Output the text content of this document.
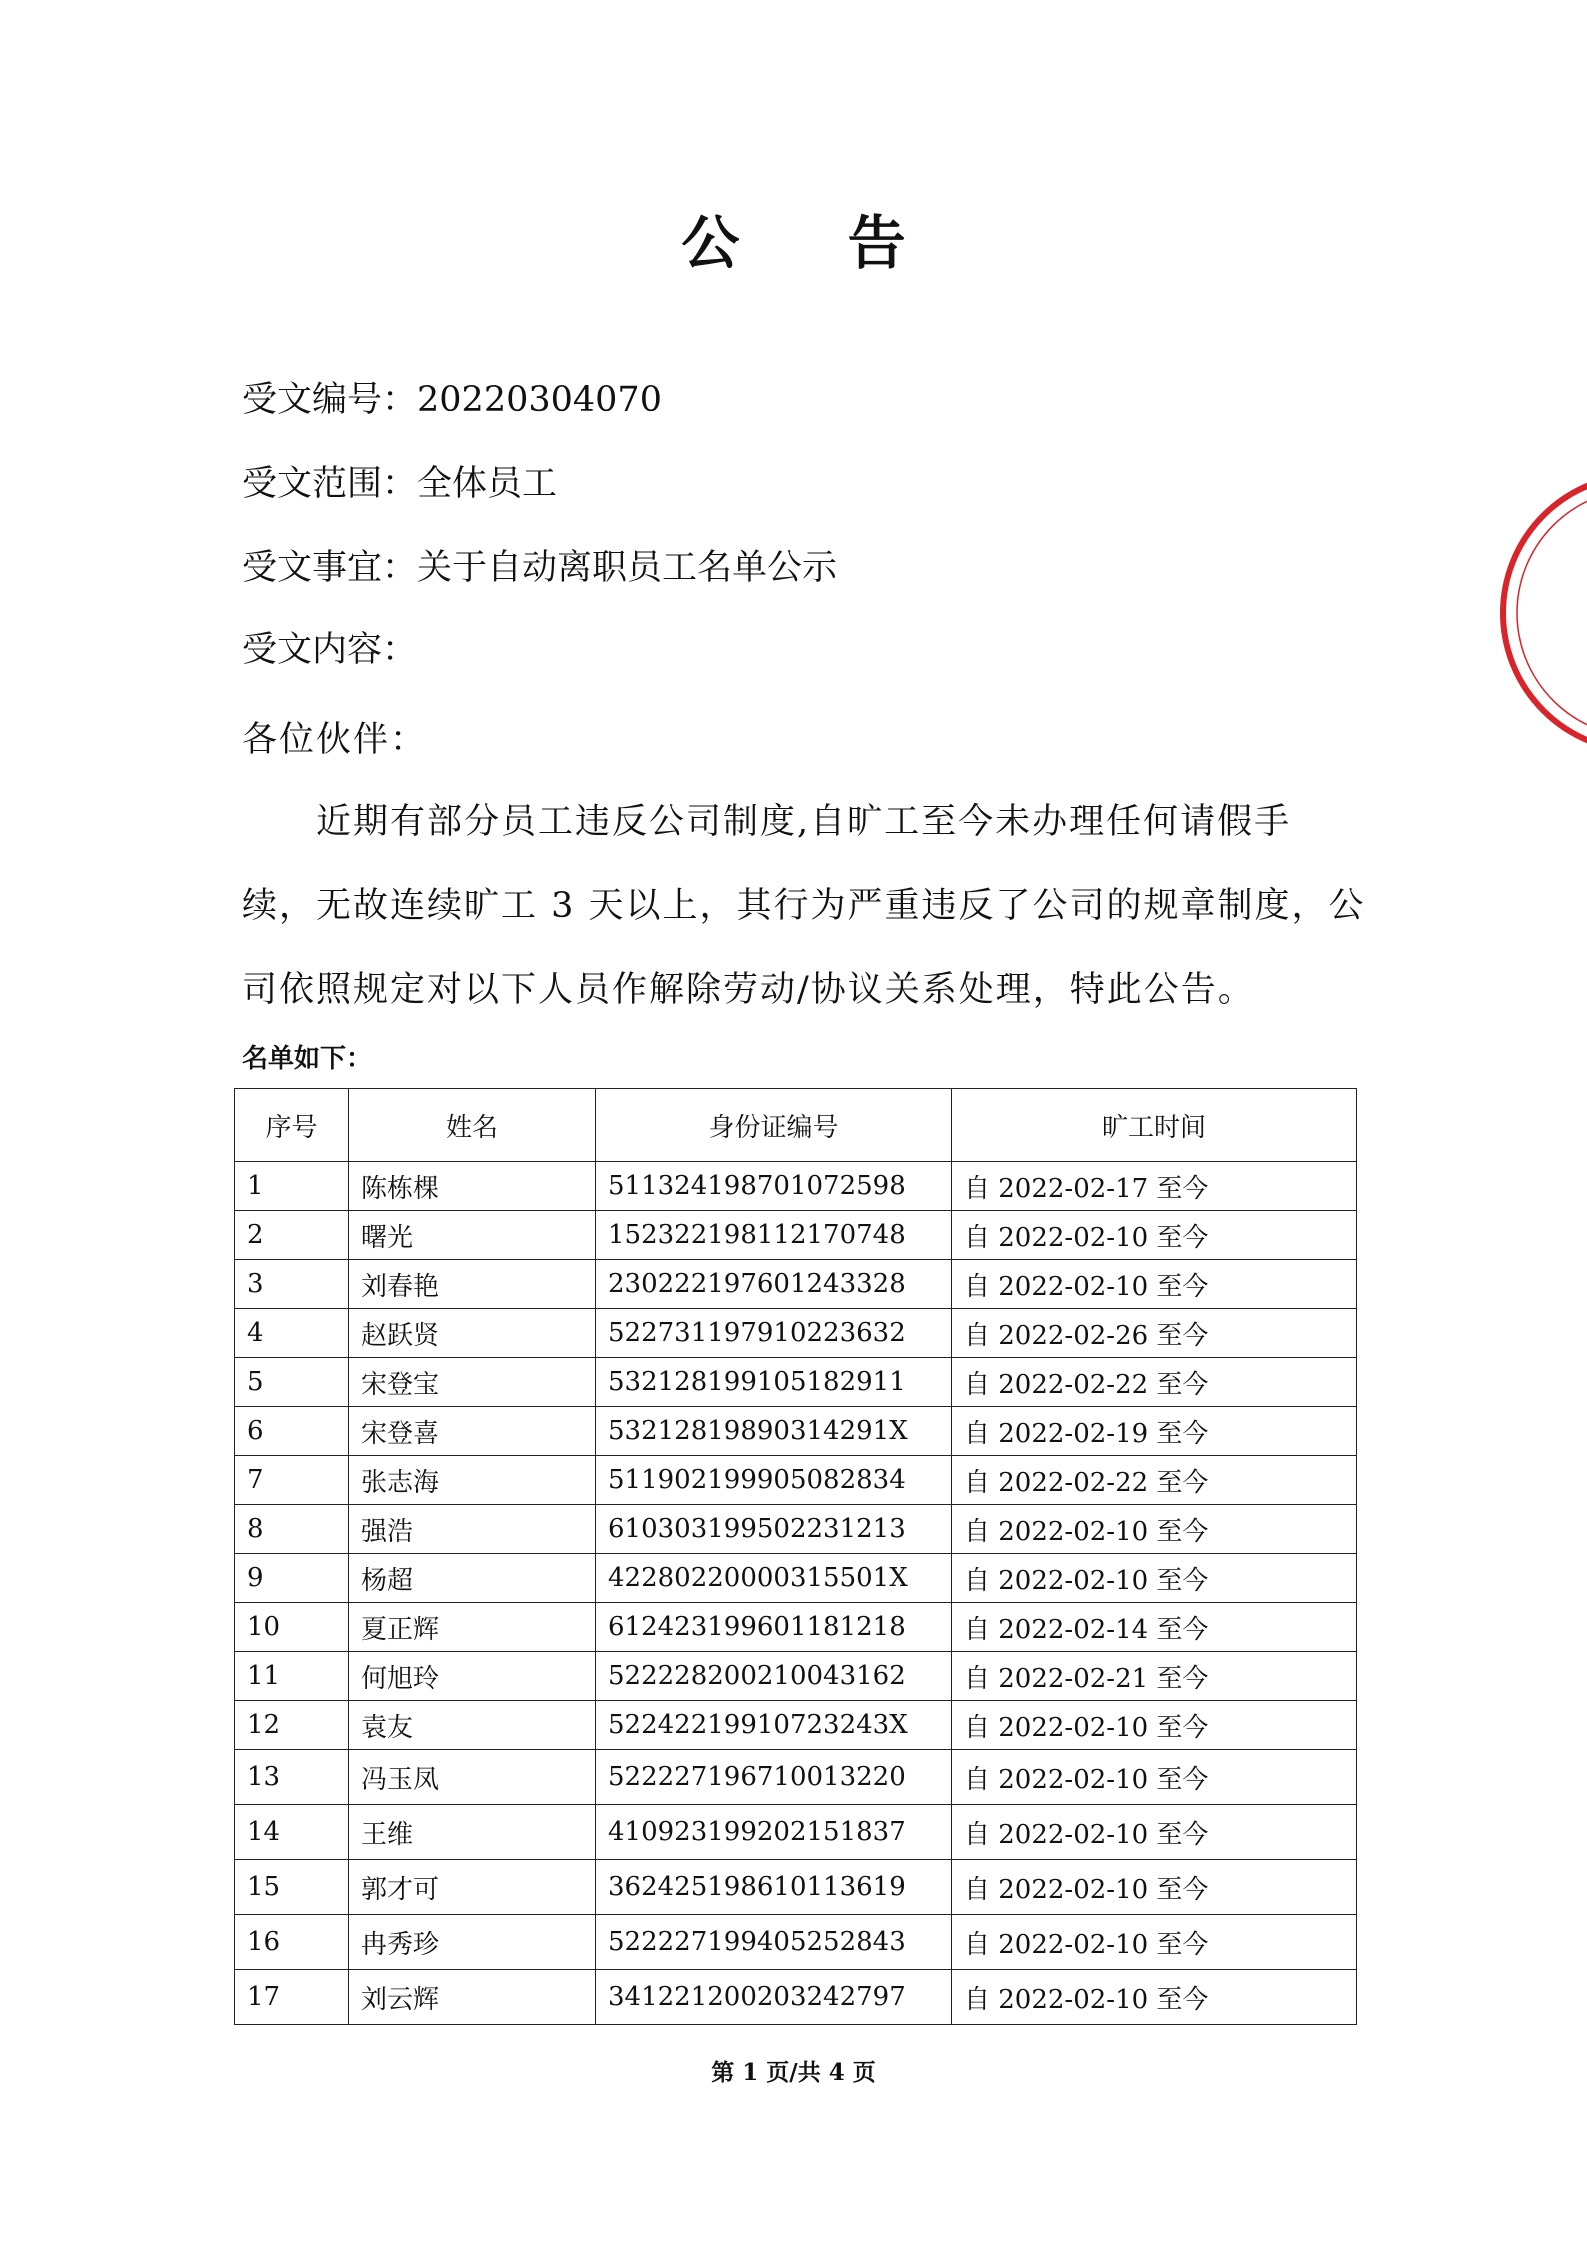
公 告
受文编号：20220304070
受文范围：全体员工
受文事宜：关于自动离职员工名单公示
受文内容：
各位伙伴：
近期有部分员工违反公司制度,自旷工至今未办理任何请假手
续，无故连续旷工 3 天以上，其行为严重违反了公司的规章制度，公
司依照规定对以下人员作解除劳动/协议关系处理，特此公告。
名单如下：
序号	姓名	身份证编号	旷工时间
1	陈栋棵	511324198701072598	自 2022-02-17 至今
2	曙光	152322198112170748	自 2022-02-10 至今
3	刘春艳	230222197601243328	自 2022-02-10 至今
4	赵跃贤	522731197910223632	自 2022-02-26 至今
5	宋登宝	532128199105182911	自 2022-02-22 至今
6	宋登喜	53212819890314291X	自 2022-02-19 至今
7	张志海	511902199905082834	自 2022-02-22 至今
8	强浩	610303199502231213	自 2022-02-10 至今
9	杨超	42280220000315501X	自 2022-02-10 至今
10	夏正辉	612423199601181218	自 2022-02-14 至今
11	何旭玲	522228200210043162	自 2022-02-21 至今
12	袁友	52242219910723243X	自 2022-02-10 至今
13	冯玉凤	522227196710013220	自 2022-02-10 至今
14	王维	410923199202151837	自 2022-02-10 至今
15	郭才可	362425198610113619	自 2022-02-10 至今
16	冉秀珍	522227199405252843	自 2022-02-10 至今
17	刘云辉	341221200203242797	自 2022-02-10 至今
第 1 页/共 4 页
